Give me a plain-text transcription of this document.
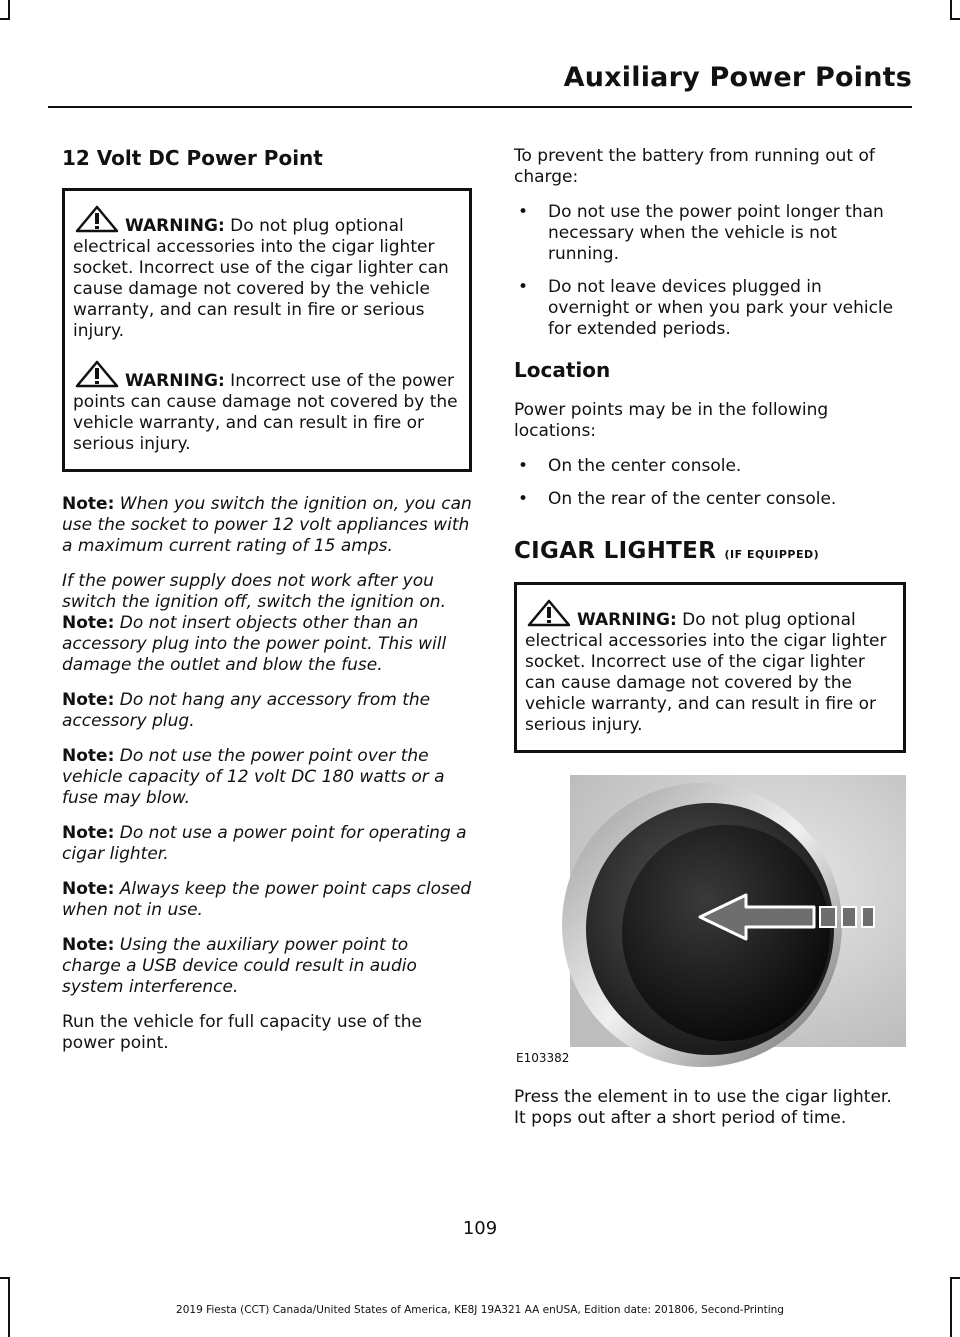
Auxiliary Power Points
12 Volt DC Power Point

WARNING: Do not plug optional electrical accessories into the cigar lighter socket. Incorrect use of the cigar lighter can cause damage not covered by the vehicle warranty, and can result in fire or serious injury.

WARNING: Incorrect use of the power points can cause damage not covered by the vehicle warranty, and can result in fire or serious injury.

Note: When you switch the ignition on, you can use the socket to power 12 volt appliances with a maximum current rating of 15 amps.

If the power supply does not work after you switch the ignition off, switch the ignition on.

Note: Do not insert objects other than an accessory plug into the power point. This will damage the outlet and blow the fuse.

Note: Do not hang any accessory from the accessory plug.

Note: Do not use the power point over the vehicle capacity of 12 volt DC 180 watts or a fuse may blow.

Note: Do not use a power point for operating a cigar lighter.

Note: Always keep the power point caps closed when not in use.

Note: Using the auxiliary power point to charge a USB device could result in audio system interference.

Run the vehicle for full capacity use of the power point.

To prevent the battery from running out of charge:

• Do not use the power point longer than necessary when the vehicle is not running.
• Do not leave devices plugged in overnight or when you park your vehicle for extended periods.
Location

Power points may be in the following locations:

• On the center console.
• On the rear of the center console.
CIGAR LIGHTER (IF EQUIPPED)

WARNING: Do not plug optional electrical accessories into the cigar lighter socket. Incorrect use of the cigar lighter can cause damage not covered by the vehicle warranty, and can result in fire or serious injury.

E103382

Press the element in to use the cigar lighter. It pops out after a short period of time.

109
2019 Fiesta (CCT) Canada/United States of America, KE8J 19A321 AA enUSA, Edition date: 201806, Second-Printing
